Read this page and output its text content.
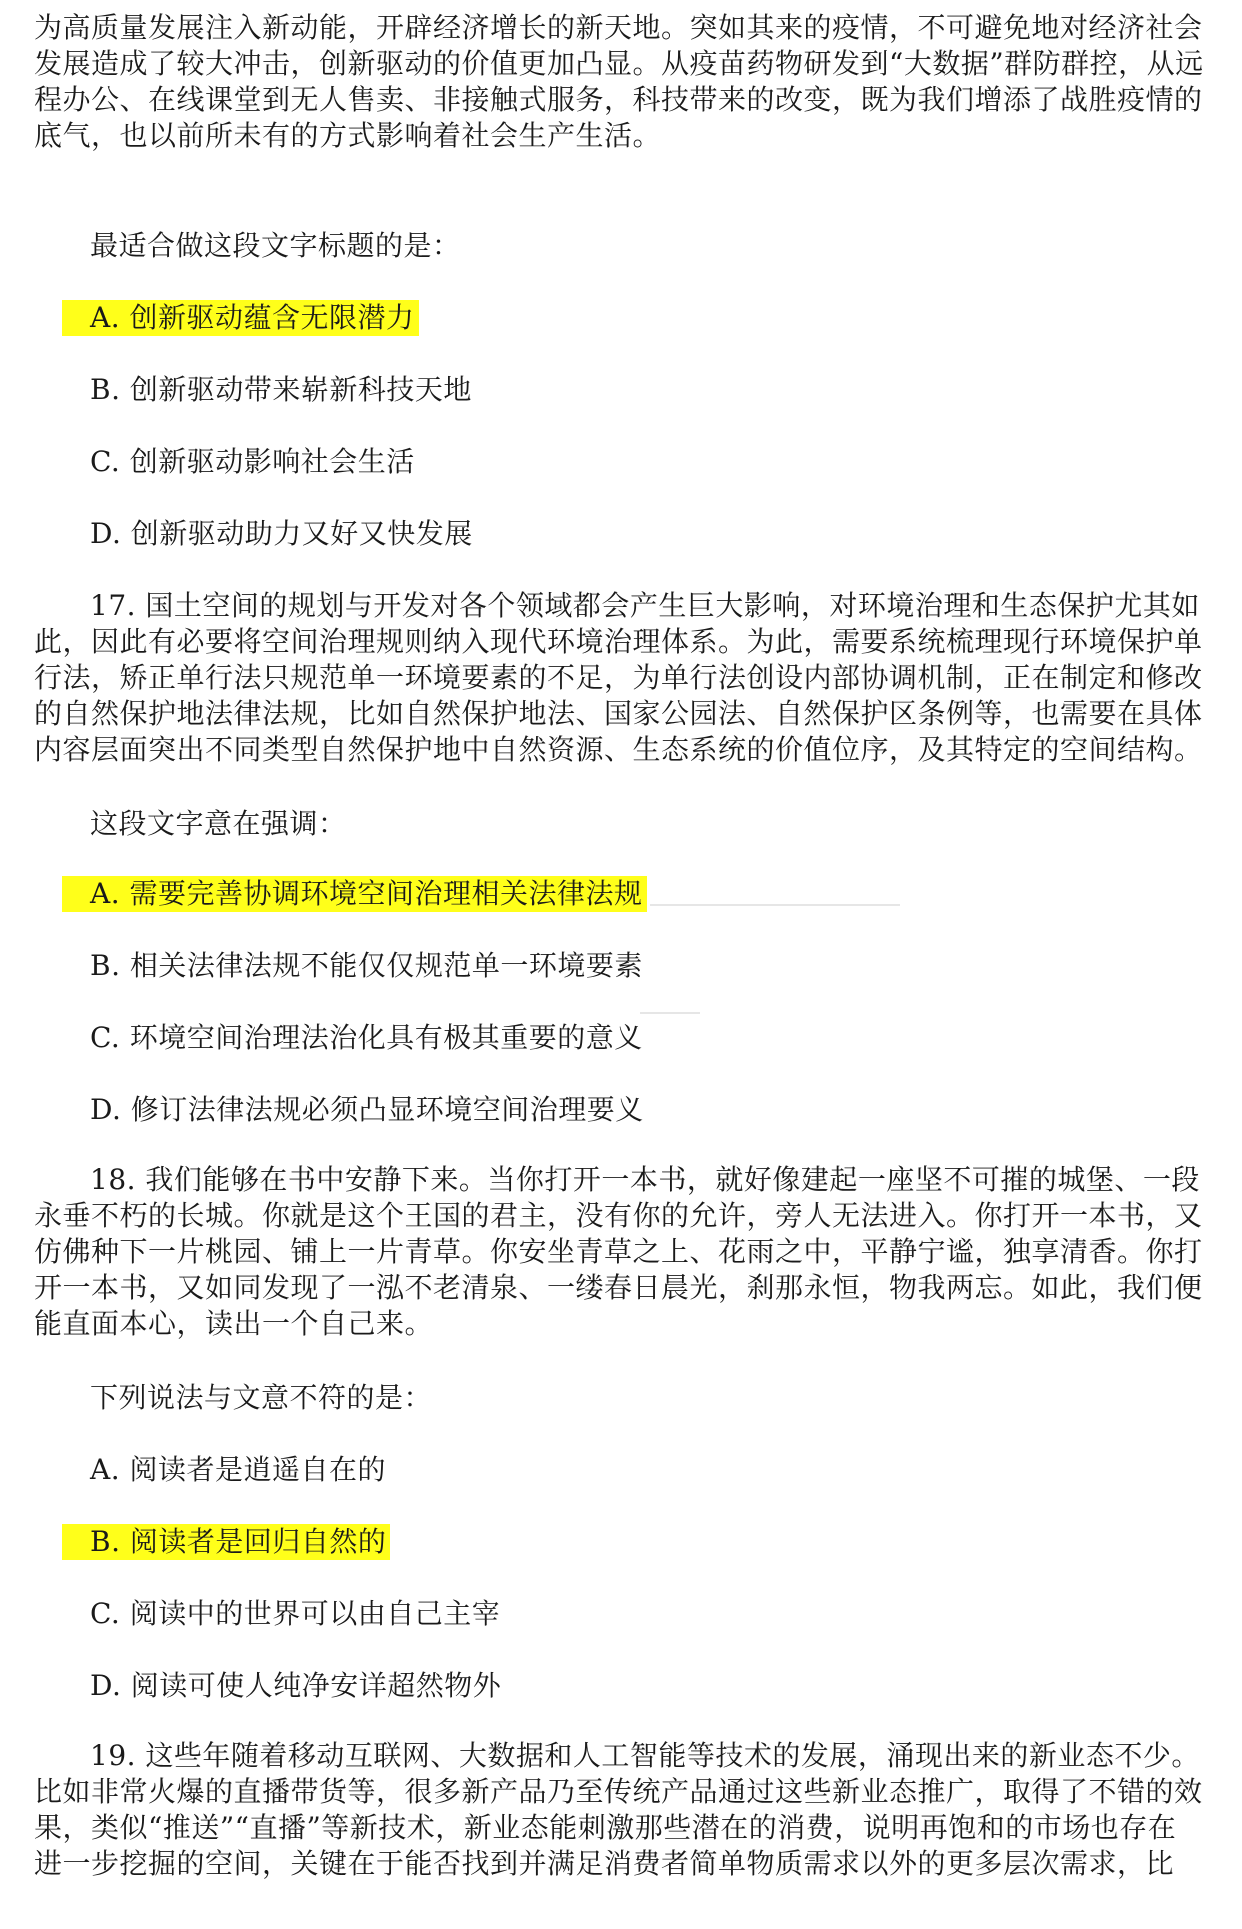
为高质量发展注入新动能，开辟经济增长的新天地。突如其来的疫情，不可避免地对经济社会发展造成了较大冲击，创新驱动的价值更加凸显。从疫苗药物研发到“大数据”群防群控，从远程办公、在线课堂到无人售卖、非接触式服务，科技带来的改变，既为我们增添了战胜疫情的底气，也以前所未有的方式影响着社会生产生活。

最适合做这段文字标题的是：

A. 创新驱动蕴含无限潜力

B. 创新驱动带来崭新科技天地

C. 创新驱动影响社会生活

D. 创新驱动助力又好又快发展

17. 国土空间的规划与开发对各个领域都会产生巨大影响，对环境治理和生态保护尤其如此，因此有必要将空间治理规则纳入现代环境治理体系。为此，需要系统梳理现行环境保护单行法，矫正单行法只规范单一环境要素的不足，为单行法创设内部协调机制，正在制定和修改的自然保护地法律法规，比如自然保护地法、国家公园法、自然保护区条例等，也需要在具体内容层面突出不同类型自然保护地中自然资源、生态系统的价值位序，及其特定的空间结构。

这段文字意在强调：

A. 需要完善协调环境空间治理相关法律法规

B. 相关法律法规不能仅仅规范单一环境要素

C. 环境空间治理法治化具有极其重要的意义

D. 修订法律法规必须凸显环境空间治理要义

18. 我们能够在书中安静下来。当你打开一本书，就好像建起一座坚不可摧的城堡、一段永垂不朽的长城。你就是这个王国的君主，没有你的允许，旁人无法进入。你打开一本书，又仿佛种下一片桃园、铺上一片青草。你安坐青草之上、花雨之中，平静宁谧，独享清香。你打开一本书，又如同发现了一泓不老清泉、一缕春日晨光，刹那永恒，物我两忘。如此，我们便能直面本心，读出一个自己来。

下列说法与文意不符的是：

A. 阅读者是逍遥自在的

B. 阅读者是回归自然的

C. 阅读中的世界可以由自己主宰

D. 阅读可使人纯净安详超然物外

19. 这些年随着移动互联网、大数据和人工智能等技术的发展，涌现出来的新业态不少。比如非常火爆的直播带货等，很多新产品乃至传统产品通过这些新业态推广，取得了不错的效果，类似“推送”“直播”等新技术，新业态能刺激那些潜在的消费，说明再饱和的市场也存在进一步挖掘的空间，关键在于能否找到并满足消费者简单物质需求以外的更多层次需求，比
